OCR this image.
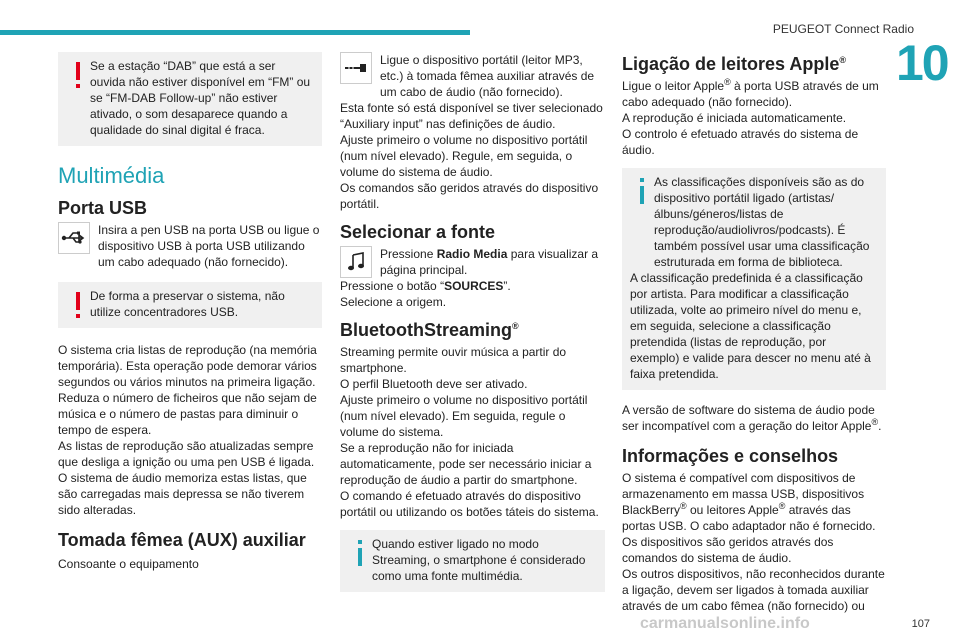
PEUGEOT Connect Radio
10

Se a estação “DAB” que está a ser ouvida não estiver disponível em “FM” ou se “FM-DAB Follow-up” não estiver ativado, o som desaparece quando a qualidade do sinal digital é fraca.

Multimédia
Porta USB

Insira a pen USB na porta USB ou ligue o dispositivo USB à porta USB utilizando um cabo adequado (não fornecido).

De forma a preservar o sistema, não utilize concentradores USB.

O sistema cria listas de reprodução (na memória temporária). Esta operação pode demorar vários segundos ou vários minutos na primeira ligação.

Reduza o número de ficheiros que não sejam de música e o número de pastas para diminuir o tempo de espera.

As listas de reprodução são atualizadas sempre que desliga a ignição ou uma pen USB é ligada. O sistema de áudio memoriza estas listas, que são carregadas mais depressa se não tiverem sido alteradas.

Tomada fêmea (AUX) auxiliar

Consoante o equipamento

Ligue o dispositivo portátil (leitor MP3, etc.) à tomada fêmea auxiliar através de um cabo de áudio (não fornecido).

Esta fonte só está disponível se tiver selecionado “Auxiliary input” nas definições de áudio.

Ajuste primeiro o volume no dispositivo portátil (num nível elevado). Regule, em seguida, o volume do sistema de áudio.

Os comandos são geridos através do dispositivo portátil.

Selecionar a fonte

Pressione Radio Media para visualizar a página principal.

Pressione o botão “SOURCES”.

Selecione a origem.

BluetoothStreaming®

Streaming permite ouvir música a partir do smartphone.

O perfil Bluetooth deve ser ativado.

Ajuste primeiro o volume no dispositivo portátil (num nível elevado). Em seguida, regule o volume do sistema.

Se a reprodução não for iniciada automaticamente, pode ser necessário iniciar a reprodução de áudio a partir do smartphone.

O comando é efetuado através do dispositivo portátil ou utilizando os botões táteis do sistema.

Quando estiver ligado no modo Streaming, o smartphone é considerado como uma fonte multimédia.

Ligação de leitores Apple®

Ligue o leitor Apple® à porta USB através de um cabo adequado (não fornecido).

A reprodução é iniciada automaticamente.

O controlo é efetuado através do sistema de áudio.

As classificações disponíveis são as do dispositivo portátil ligado (artistas/álbuns/géneros/listas de reprodução/audiolivros/podcasts). É também possível usar uma classificação estruturada em forma de biblioteca.

A classificação predefinida é a classificação por artista. Para modificar a classificação utilizada, volte ao primeiro nível do menu e, em seguida, selecione a classificação pretendida (listas de reprodução, por exemplo) e valide para descer no menu até à faixa pretendida.

A versão de software do sistema de áudio pode ser incompatível com a geração do leitor Apple®.

Informações e conselhos

O sistema é compatível com dispositivos de armazenamento em massa USB, dispositivos BlackBerry® ou leitores Apple® através das portas USB. O cabo adaptador não é fornecido.

Os dispositivos são geridos através dos comandos do sistema de áudio.

Os outros dispositivos, não reconhecidos durante a ligação, devem ser ligados à tomada auxiliar através de um cabo fêmea (não fornecido) ou

carmanualsonline.info	107
